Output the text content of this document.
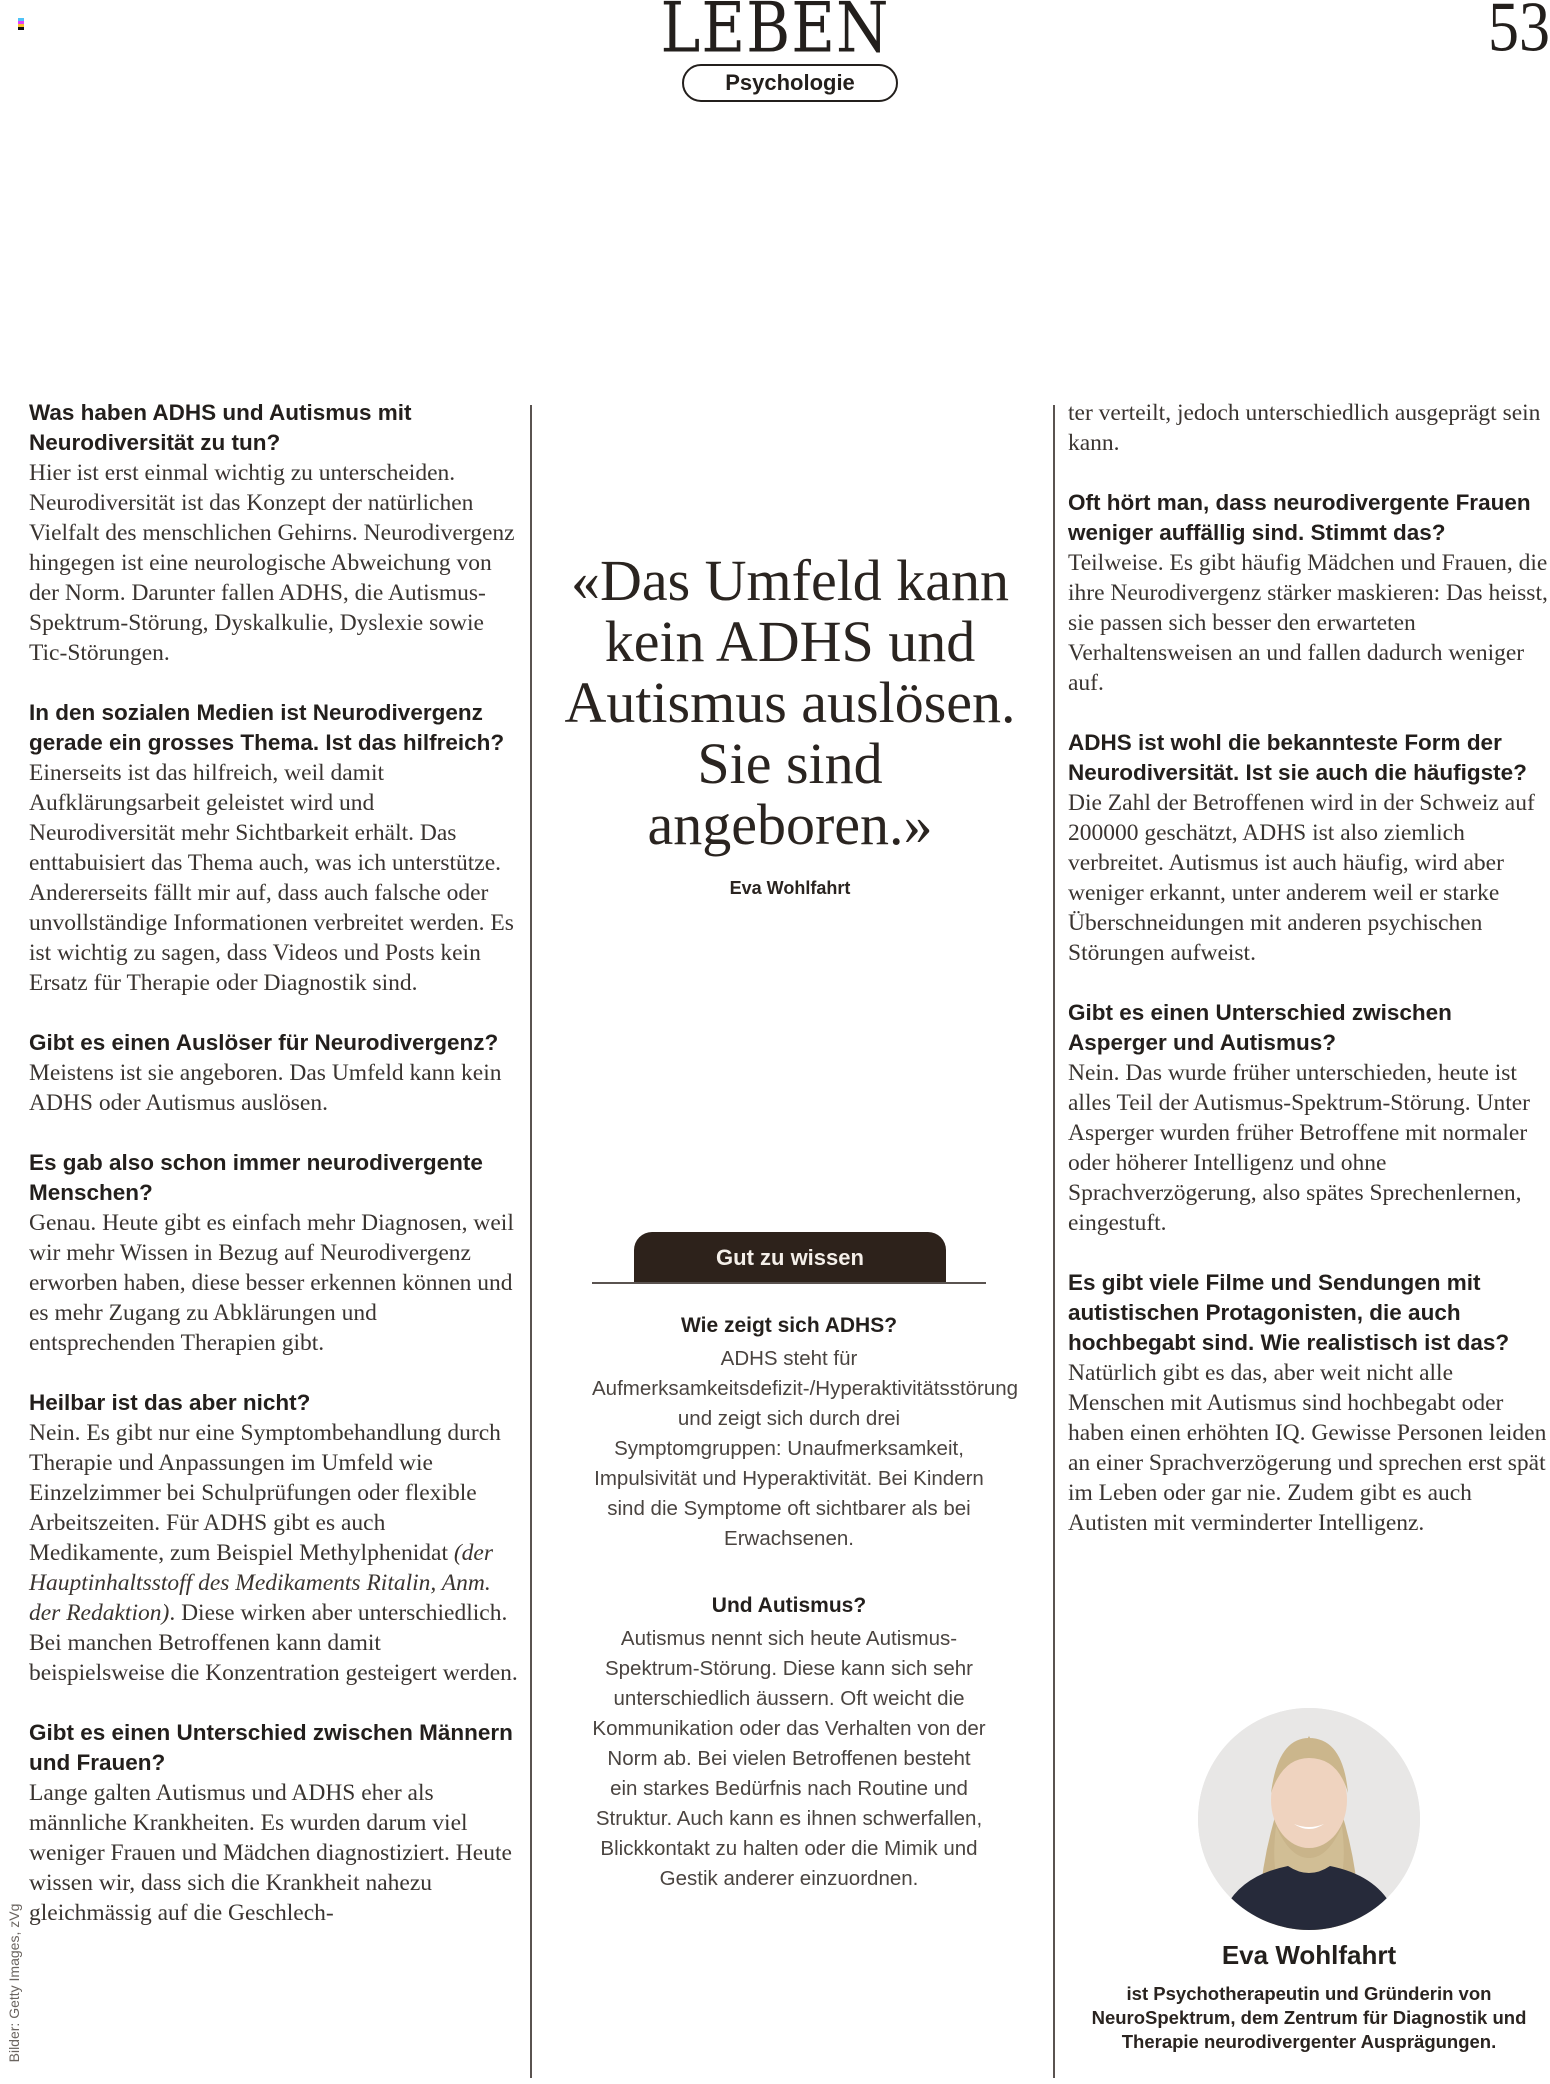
LEBEN
Psychologie
53

Was haben ADHS und Autismus mit Neurodiversität zu tun?

Hier ist erst einmal wichtig zu unterscheiden. Neurodiversität ist das Konzept der natürlichen Vielfalt des menschlichen Gehirns. Neurodivergenz hingegen ist eine neurologische Abweichung von der Norm. Darunter fallen ADHS, die Autismus-Spektrum-Störung, Dyskalkulie, Dyslexie sowie Tic-Störungen.

In den sozialen Medien ist Neurodivergenz gerade ein grosses Thema. Ist das hilfreich?

Einerseits ist das hilfreich, weil damit Aufklärungsarbeit geleistet wird und Neurodiversität mehr Sichtbarkeit erhält. Das enttabuisiert das Thema auch, was ich unterstütze. Andererseits fällt mir auf, dass auch falsche oder unvollständige Informationen verbreitet werden. Es ist wichtig zu sagen, dass Videos und Posts kein Ersatz für Therapie oder Diagnostik sind.

Gibt es einen Auslöser für Neurodivergenz?

Meistens ist sie angeboren. Das Umfeld kann kein ADHS oder Autismus auslösen.

Es gab also schon immer neurodivergente Menschen?

Genau. Heute gibt es einfach mehr Diagnosen, weil wir mehr Wissen in Bezug auf Neurodivergenz erworben haben, diese besser erkennen können und es mehr Zugang zu Abklärungen und entsprechenden Therapien gibt.

Heilbar ist das aber nicht?

Nein. Es gibt nur eine Symptombehandlung durch Therapie und Anpassungen im Umfeld wie Einzelzimmer bei Schulprüfungen oder flexible Arbeitszeiten. Für ADHS gibt es auch Medikamente, zum Beispiel Methylphenidat (der Hauptinhaltsstoff des Medikaments Ritalin, Anm. der Redaktion). Diese wirken aber unterschiedlich. Bei manchen Betroffenen kann damit beispielsweise die Konzentration gesteigert werden.

Gibt es einen Unterschied zwischen Männern und Frauen?

Lange galten Autismus und ADHS eher als männliche Krankheiten. Es wurden darum viel weniger Frauen und Mädchen diagnostiziert. Heute wissen wir, dass sich die Krankheit nahezu gleichmässig auf die Geschlech-

Bilder: Getty Images, zVg

«Das Umfeld kann kein ADHS und Autismus auslösen. Sie sind angeboren.»

Eva Wohlfahrt
Gut zu wissen

Wie zeigt sich ADHS?

ADHS steht für Aufmerksamkeitsdefizit-/Hyperaktivitätsstörung und zeigt sich durch drei Symptomgruppen: Unaufmerksamkeit, Impulsivität und Hyperaktivität. Bei Kindern sind die Symptome oft sichtbarer als bei Erwachsenen.

Und Autismus?

Autismus nennt sich heute Autismus-Spektrum-Störung. Diese kann sich sehr unterschiedlich äussern. Oft weicht die Kommunikation oder das Verhalten von der Norm ab. Bei vielen Betroffenen besteht ein starkes Bedürfnis nach Routine und Struktur. Auch kann es ihnen schwerfallen, Blickkontakt zu halten oder die Mimik und Gestik anderer einzuordnen.

ter verteilt, jedoch unterschiedlich ausgeprägt sein kann.

Oft hört man, dass neurodivergente Frauen weniger auffällig sind. Stimmt das?

Teilweise. Es gibt häufig Mädchen und Frauen, die ihre Neurodivergenz stärker maskieren: Das heisst, sie passen sich besser den erwarteten Verhaltensweisen an und fallen dadurch weniger auf.

ADHS ist wohl die bekannteste Form der Neurodiversität. Ist sie auch die häufigste?

Die Zahl der Betroffenen wird in der Schweiz auf 200000 geschätzt, ADHS ist also ziemlich verbreitet. Autismus ist auch häufig, wird aber weniger erkannt, unter anderem weil er starke Überschneidungen mit anderen psychischen Störungen aufweist.

Gibt es einen Unterschied zwischen Asperger und Autismus?

Nein. Das wurde früher unterschieden, heute ist alles Teil der Autismus-Spektrum-Störung. Unter Asperger wurden früher Betroffene mit normaler oder höherer Intelligenz und ohne Sprachverzögerung, also spätes Sprechenlernen, eingestuft.

Es gibt viele Filme und Sendungen mit autistischen Protagonisten, die auch hochbegabt sind. Wie realistisch ist das?

Natürlich gibt es das, aber weit nicht alle Menschen mit Autismus sind hochbegabt oder haben einen erhöhten IQ. Gewisse Personen leiden an einer Sprachverzögerung und sprechen erst spät im Leben oder gar nie. Zudem gibt es auch Autisten mit verminderter Intelligenz.

Eva Wohlfahrt
ist Psychotherapeutin und Gründerin von NeuroSpektrum, dem Zentrum für Diagnostik und Therapie neurodivergenter Ausprägungen.
